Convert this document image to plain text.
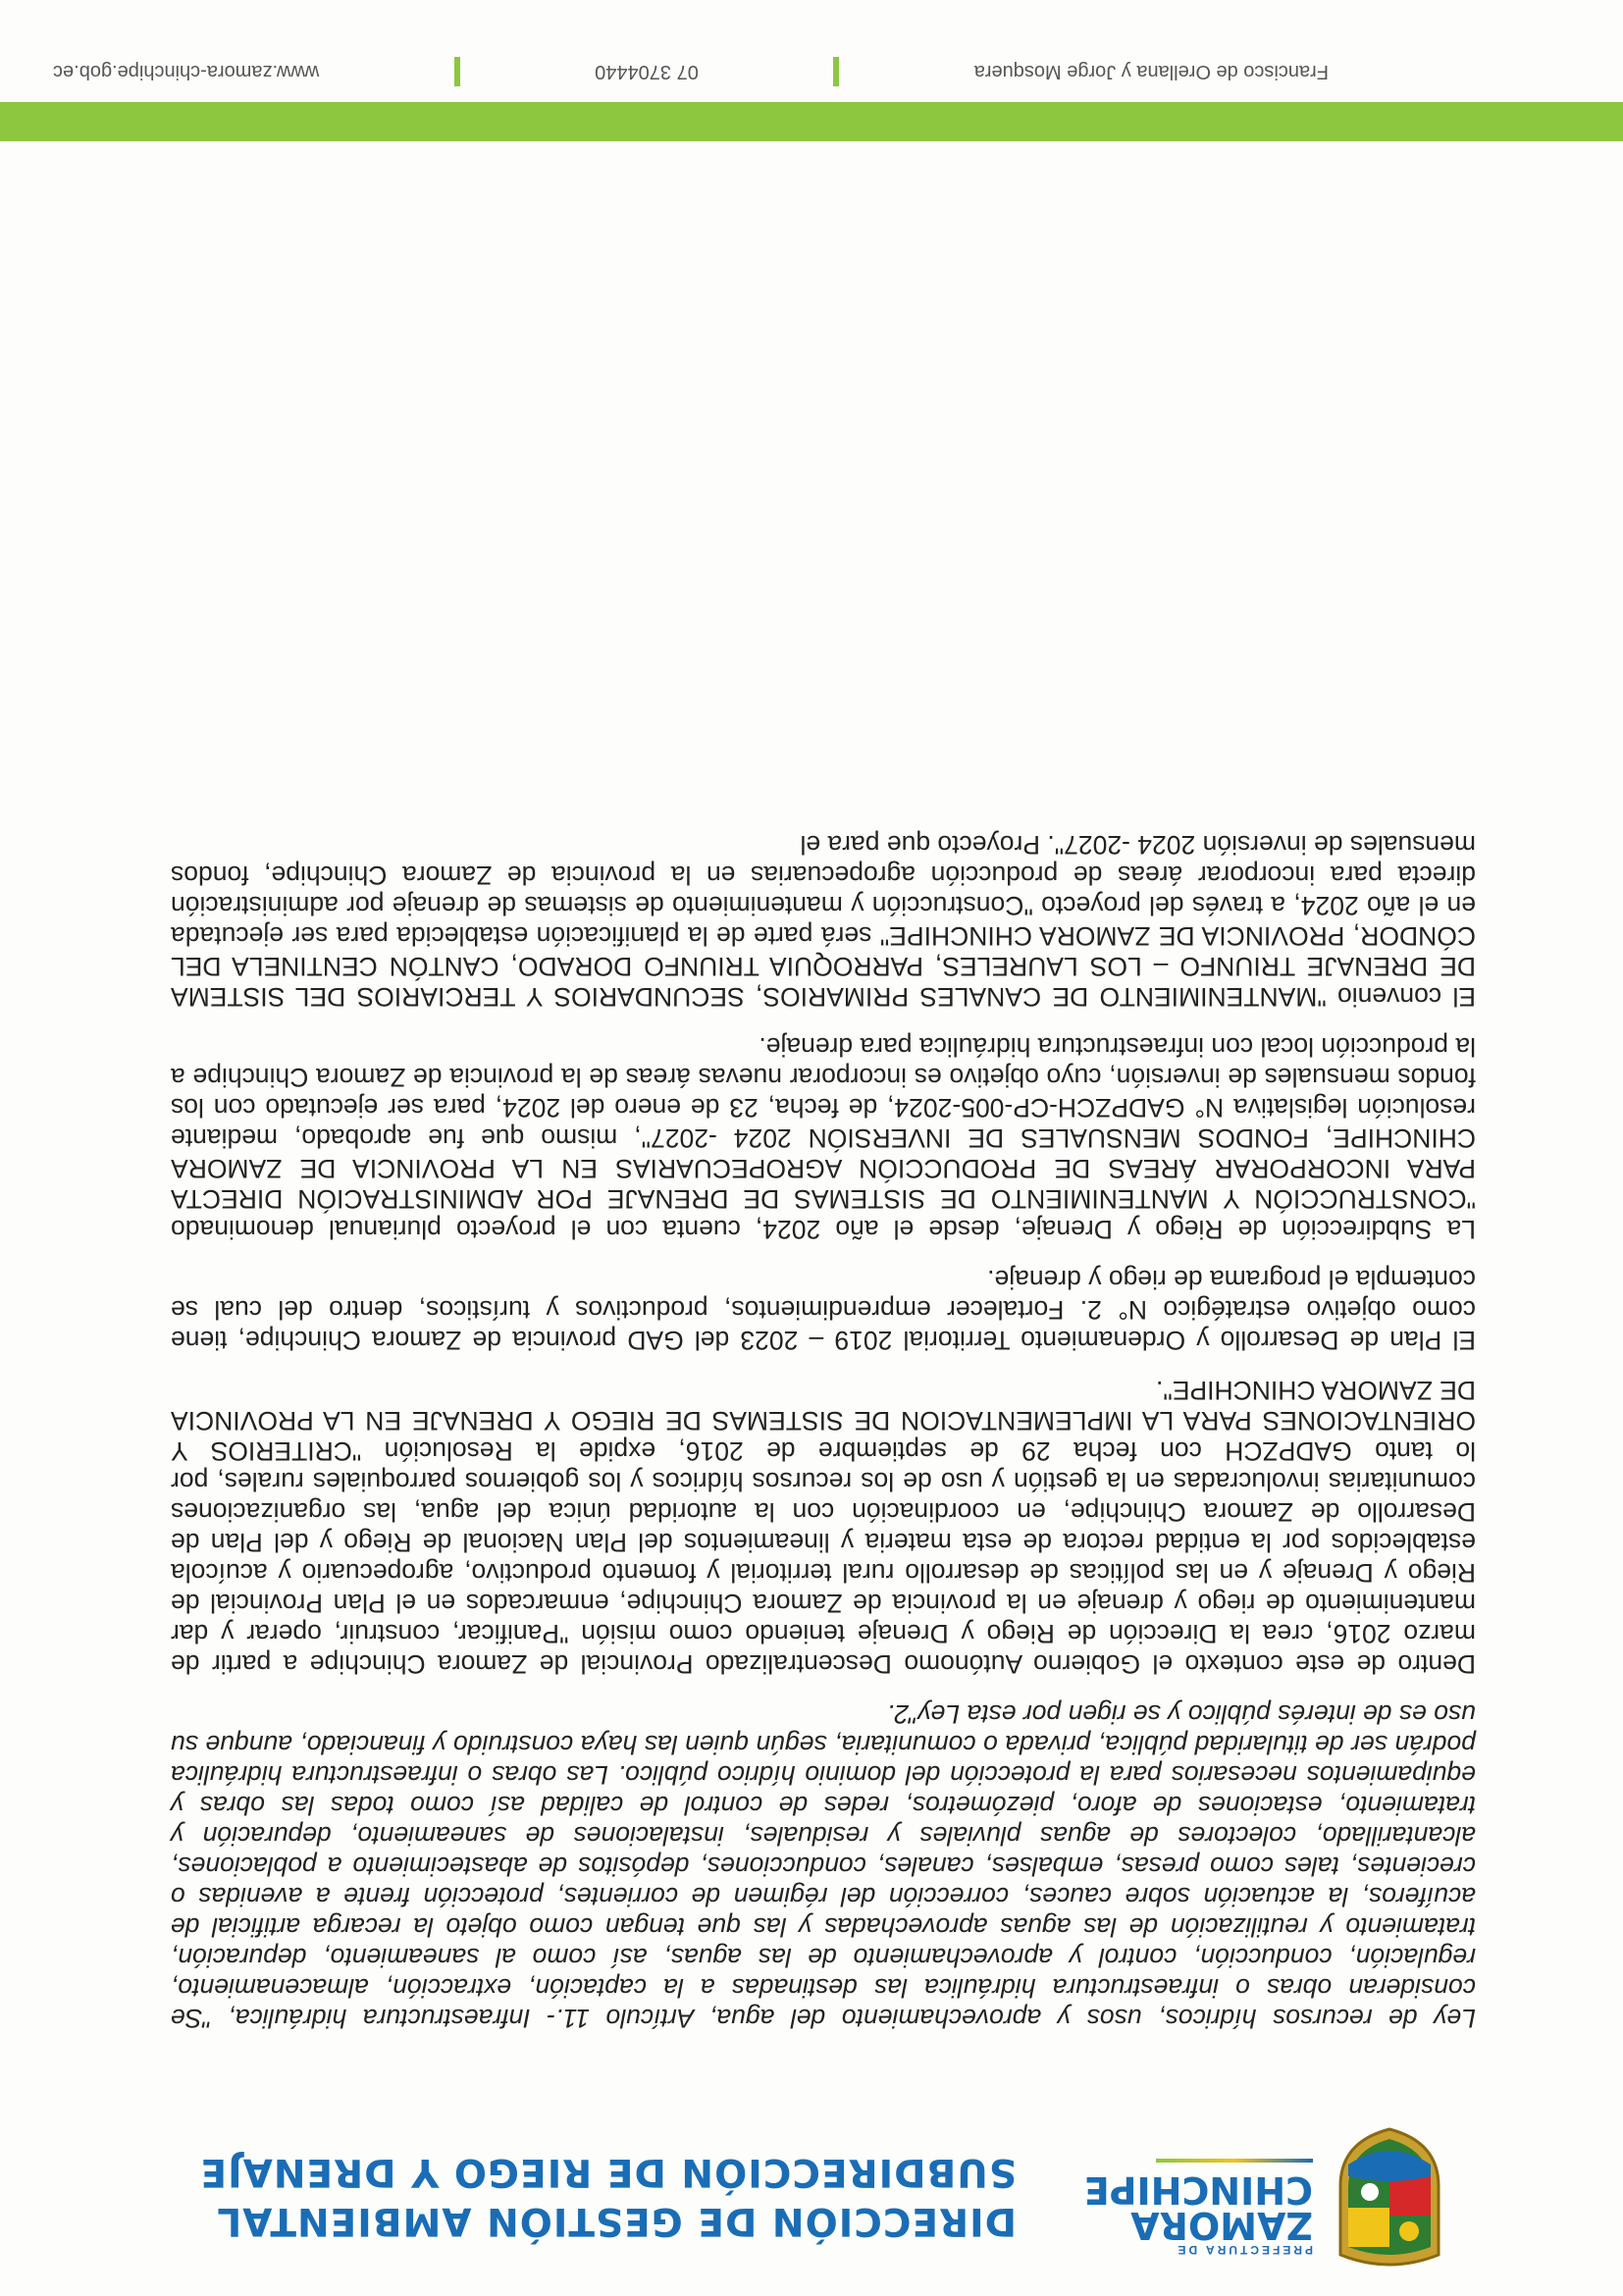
PREFECTURA DE
ZAMORA
CHINCHIPE
DIRECCIÓN DE GESTIÓN AMBIENTAL
SUBDIRECCIÓN DE RIEGO Y DRENAJE

Ley de recursos hídricos, usos y aprovechamiento del agua, Artículo 11.- Infraestructura hidráulica, "Se consideran obras o infraestructura hidráulica las destinadas a la captación, extracción, almacenamiento, regulación, conducción, control y aprovechamiento de las aguas, así como al saneamiento, depuración, tratamiento y reutilización de las aguas aprovechadas y las que tengan como objeto la recarga artificial de acuíferos, la actuación sobre cauces, corrección del régimen de corrientes, protección frente a avenidas o crecientes, tales como presas, embalses, canales, conducciones, depósitos de abastecimiento a poblaciones, alcantarillado, colectores de aguas pluviales y residuales, instalaciones de saneamiento, depuración y tratamiento, estaciones de aforo, piezómetros, redes de control de calidad así como todas las obras y equipamientos necesarios para la protección del dominio hídrico público. Las obras o infraestructura hidráulica podrán ser de titularidad pública, privada o comunitaria, según quien las haya construido y financiado, aunque su uso es de interés público y se rigen por esta Ley"2.

Dentro de este contexto el Gobierno Autónomo Descentralizado Provincial de Zamora Chinchipe a partir de marzo 2016, crea la Dirección de Riego y Drenaje teniendo como misión "Panificar, construir, operar y dar mantenimiento de riego y drenaje en la provincia de Zamora Chinchipe, enmarcados en el Plan Provincial de Riego y Drenaje y en las políticas de desarrollo rural territorial y fomento productivo, agropecuario y acuícola establecidos por la entidad rectora de esta materia y lineamientos del Plan Nacional de Riego y del Plan de Desarrollo de Zamora Chinchipe, en coordinación con la autoridad única del agua, las organizaciones comunitarias involucradas en la gestión y uso de los recursos hídricos y los gobiernos parroquiales rurales, por lo tanto GADPZCH con fecha 29 de septiembre de 2016, expide la Resolución "CRITERIOS Y ORIENTACIONES PARA LA IMPLEMENTACION DE SISTEMAS DE RIEGO Y DRENAJE EN LA PROVINCIA DE ZAMORA CHINCHIPE".

El Plan de Desarrollo y Ordenamiento Territorial 2019 – 2023 del GAD provincia de Zamora Chinchipe, tiene como objetivo estratégico N° 2. Fortalecer emprendimientos, productivos y turísticos, dentro del cual se contempla el programa de riego y drenaje.

La Subdirección de Riego y Drenaje, desde el año 2024, cuenta con el proyecto plurianual denominado "CONSTRUCCIÓN Y MANTENIMIENTO DE SISTEMAS DE DRENAJE POR ADMINISTRACIÓN DIRECTA PARA INCORPORAR ÁREAS DE PRODUCCIÓN AGROPECUARIAS EN LA PROVINCIA DE ZAMORA CHINCHIPE, FONDOS MENSUALES DE INVERSIÓN 2024 -2027", mismo que fue aprobado, mediante resolución legislativa N° GADPZCH-CP-005-2024, de fecha, 23 de enero del 2024, para ser ejecutado con los fondos mensuales de inversión, cuyo objetivo es incorporar nuevas áreas de la provincia de Zamora Chinchipe a la producción local con infraestructura hidráulica para drenaje.

El convenio "MANTENIMIENTO DE CANALES PRIMARIOS, SECUNDARIOS Y TERCIARIOS DEL SISTEMA DE DRENAJE TRIUNFO – LOS LAURELES, PARROQUIA TRIUNFO DORADO, CANTÓN CENTINELA DEL CÓNDOR, PROVINCIA DE ZAMORA CHINCHIPE" será parte de la planificación establecida para ser ejecutada en el año 2024, a través del proyecto "Construcción y mantenimiento de sistemas de drenaje por administración directa para incorporar áreas de producción agropecuarias en la provincia de Zamora Chinchipe, fondos mensuales de inversión 2024 -2027". Proyecto que para el

Francisco de Orellana y Jorge Mosquera
07 3704440
www.zamora-chinchipe.gob.ec
